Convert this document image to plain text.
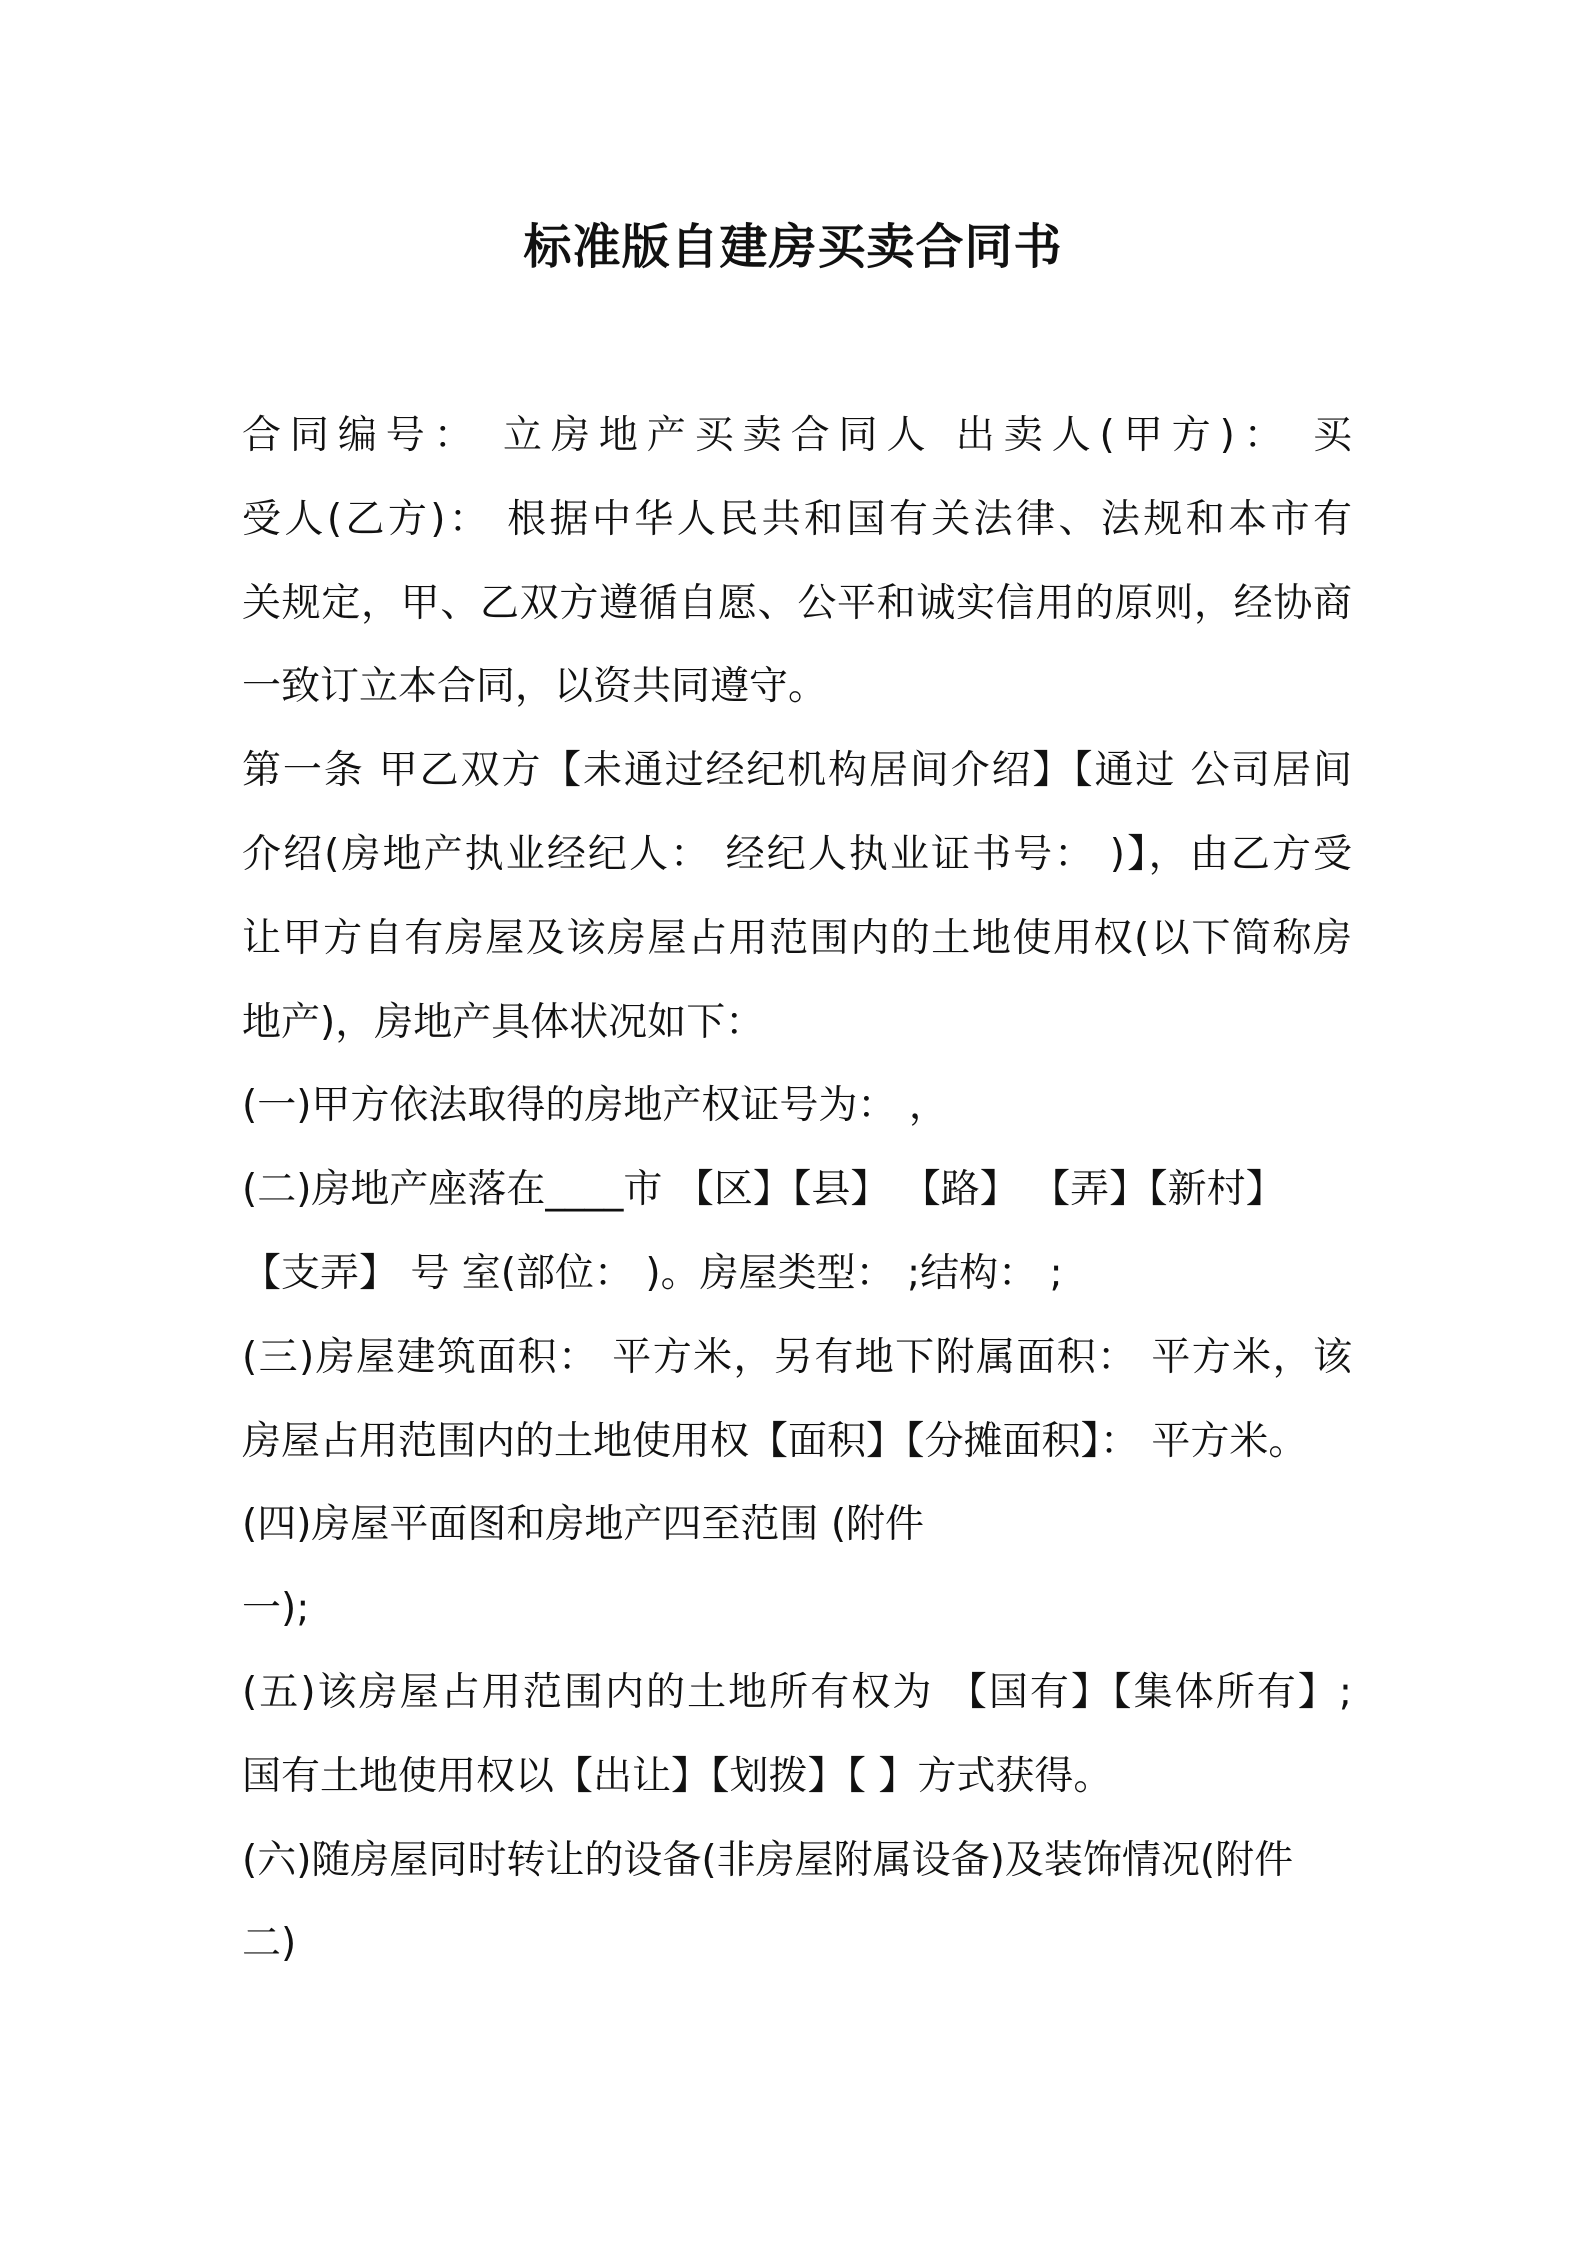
标准版自建房买卖合同书
合同编号： 立房地产买卖合同人 出卖人(甲方)： 买
受人(乙方)： 根据中华人民共和国有关法律、法规和本市有
关规定，甲、乙双方遵循自愿、公平和诚实信用的原则，经协商
一致订立本合同，以资共同遵守。
第一条 甲乙双方【未通过经纪机构居间介绍】【通过 公司居间
介绍(房地产执业经纪人： 经纪人执业证书号： )】，由乙方受
让甲方自有房屋及该房屋占用范围内的土地使用权(以下简称房
地产)，房地产具体状况如下：
(一)甲方依法取得的房地产权证号为： ，
(二)房地产座落在____市 【区】【县】 【路】 【弄】【新村】
【支弄】 号 室(部位： )。房屋类型： ;结构： ;
(三)房屋建筑面积： 平方米，另有地下附属面积： 平方米，该
房屋占用范围内的土地使用权【面积】【分摊面积】： 平方米。
(四)房屋平面图和房地产四至范围 (附件
一);
(五)该房屋占用范围内的土地所有权为 【国有】【集体所有】;
国有土地使用权以【出让】【划拨】【 】方式获得。
(六)随房屋同时转让的设备(非房屋附属设备)及装饰情况(附件
二)
